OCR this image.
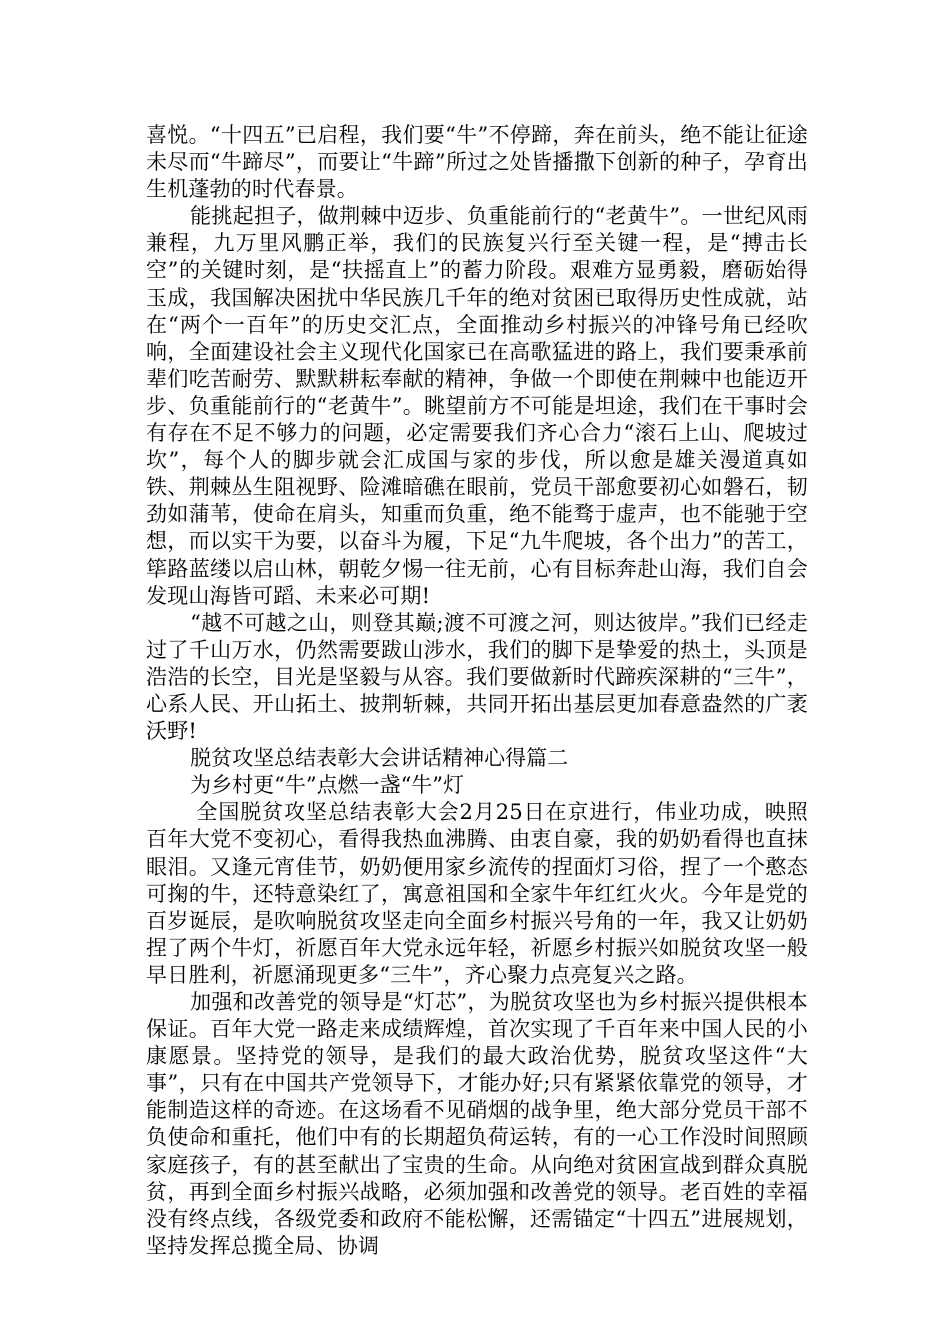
喜悦。“十四五”已启程，我们要“牛”不停蹄，奔在前头，绝不能让征途未尽而“牛蹄尽”，而要让“牛蹄”所过之处皆播撒下创新的种子，孕育出生机蓬勃的时代春景。

能挑起担子，做荆棘中迈步、负重能前行的“老黄牛”。一世纪风雨兼程，九万里风鹏正举，我们的民族复兴行至关键一程，是“搏击长空”的关键时刻，是“扶摇直上”的蓄力阶段。艰难方显勇毅，磨砺始得玉成，我国解决困扰中华民族几千年的绝对贫困已取得历史性成就，站在“两个一百年”的历史交汇点，全面推动乡村振兴的冲锋号角已经吹响，全面建设社会主义现代化国家已在高歌猛进的路上，我们要秉承前辈们吃苦耐劳、默默耕耘奉献的精神，争做一个即使在荆棘中也能迈开步、负重能前行的“老黄牛”。眺望前方不可能是坦途，我们在干事时会有存在不足不够力的问题，必定需要我们齐心合力“滚石上山、爬坡过坎”，每个人的脚步就会汇成国与家的步伐，所以愈是雄关漫道真如铁、荆棘丛生阻视野、险滩暗礁在眼前，党员干部愈要初心如磐石，韧劲如蒲苇，使命在肩头，知重而负重，绝不能骛于虚声，也不能驰于空想，而以实干为要，以奋斗为履，下足“九牛爬坡，各个出力”的苦工，筚路蓝缕以启山林，朝乾夕惕一往无前，心有目标奔赴山海，我们自会发现山海皆可蹈、未来必可期!

“越不可越之山，则登其巅;渡不可渡之河，则达彼岸。”我们已经走过了千山万水，仍然需要跋山涉水，我们的脚下是挚爱的热土，头顶是浩浩的长空，目光是坚毅与从容。我们要做新时代蹄疾深耕的“三牛”，心系人民、开山拓土、披荆斩棘，共同开拓出基层更加春意盎然的广袤沃野!

脱贫攻坚总结表彰大会讲话精神心得篇二

为乡村更“牛”点燃一盏“牛”灯

全国脱贫攻坚总结表彰大会2月25日在京进行，伟业功成，映照百年大党不变初心，看得我热血沸腾、由衷自豪，我的奶奶看得也直抹眼泪。又逢元宵佳节，奶奶便用家乡流传的捏面灯习俗，捏了一个憨态可掬的牛，还特意染红了，寓意祖国和全家牛年红红火火。今年是党的百岁诞辰，是吹响脱贫攻坚走向全面乡村振兴号角的一年，我又让奶奶捏了两个牛灯，祈愿百年大党永远年轻，祈愿乡村振兴如脱贫攻坚一般早日胜利，祈愿涌现更多“三牛”，齐心聚力点亮复兴之路。

加强和改善党的领导是“灯芯”，为脱贫攻坚也为乡村振兴提供根本保证。百年大党一路走来成绩辉煌，首次实现了千百年来中国人民的小康愿景。坚持党的领导，是我们的最大政治优势，脱贫攻坚这件“大事”，只有在中国共产党领导下，才能办好;只有紧紧依靠党的领导，才能制造这样的奇迹。在这场看不见硝烟的战争里，绝大部分党员干部不负使命和重托，他们中有的长期超负荷运转，有的一心工作没时间照顾家庭孩子，有的甚至献出了宝贵的生命。从向绝对贫困宣战到群众真脱贫，再到全面乡村振兴战略，必须加强和改善党的领导。老百姓的幸福没有终点线，各级党委和政府不能松懈，还需锚定“十四五”进展规划，坚持发挥总揽全局、协调
